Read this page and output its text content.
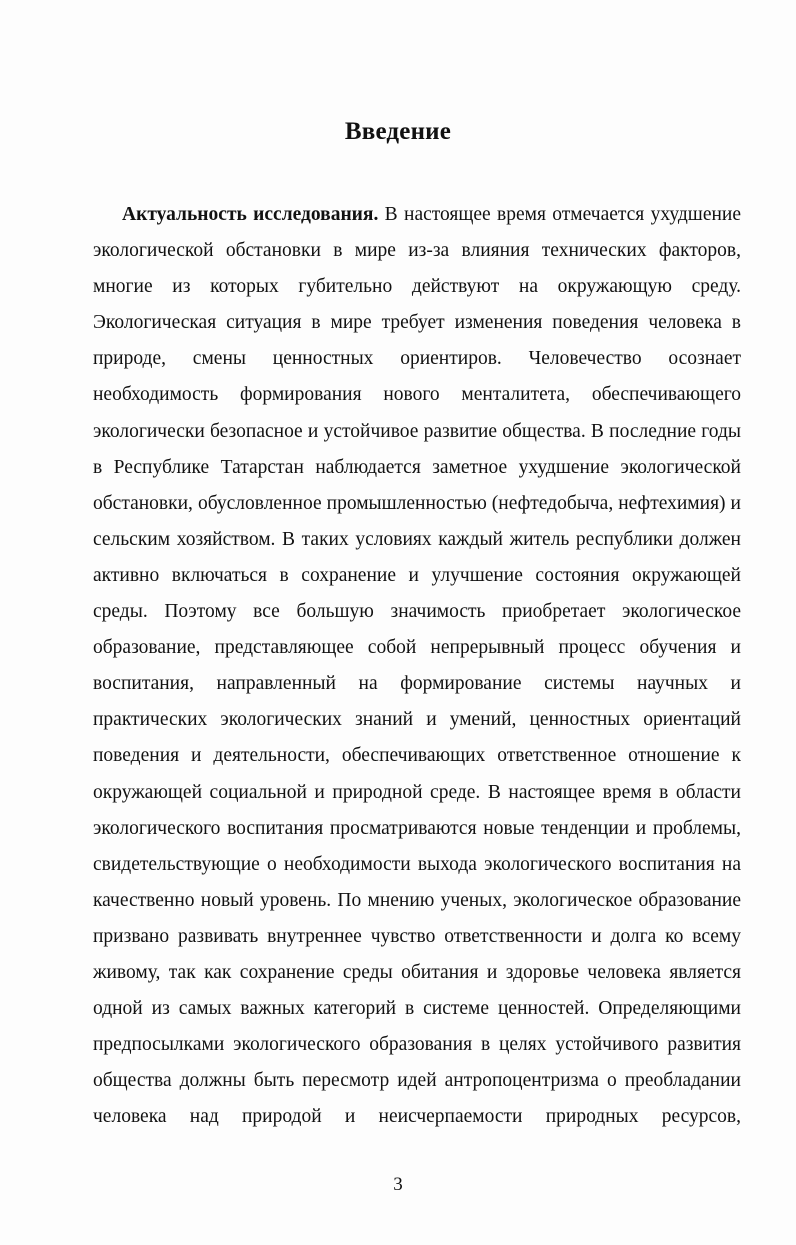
Введение
Актуальность исследования. В настоящее время отмечается ухудшение
экологической обстановки в мире из-за влияния технических факторов,
многие из которых губительно действуют на окружающую среду.
Экологическая ситуация в мире требует изменения поведения человека в
природе, смены ценностных ориентиров. Человечество осознает
необходимость формирования нового менталитета, обеспечивающего
экологически безопасное и устойчивое развитие общества. В последние годы
в Республике Татарстан наблюдается заметное ухудшение экологической
обстановки, обусловленное промышленностью (нефтедобыча, нефтехимия) и
сельским хозяйством. В таких условиях каждый житель республики должен
активно включаться в сохранение и улучшение состояния окружающей
среды. Поэтому все большую значимость приобретает экологическое
образование, представляющее собой непрерывный процесс обучения и
воспитания, направленный на формирование системы научных и
практических экологических знаний и умений, ценностных ориентаций
поведения и деятельности, обеспечивающих ответственное отношение к
окружающей социальной и природной среде. В настоящее время в области
экологического воспитания просматриваются новые тенденции и проблемы,
свидетельствующие о необходимости выхода экологического воспитания на
качественно новый уровень. По мнению ученых, экологическое образование
призвано развивать внутреннее чувство ответственности и долга ко всему
живому, так как сохранение среды обитания и здоровье человека является
одной из самых важных категорий в системе ценностей. Определяющими
предпосылками экологического образования в целях устойчивого развития
общества должны быть пересмотр идей антропоцентризма о преобладании
человека над природой и неисчерпаемости природных ресурсов,
3
